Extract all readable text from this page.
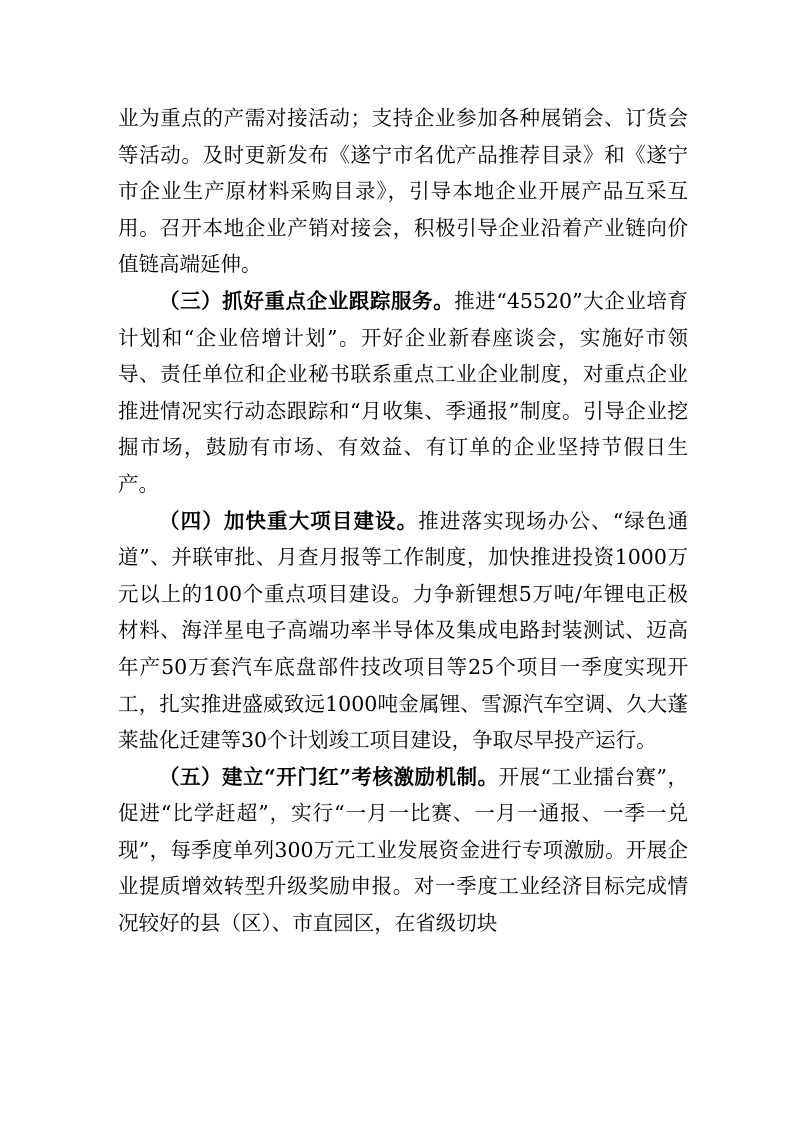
业为重点的产需对接活动；支持企业参加各种展销会、订货会等活动。及时更新发布《遂宁市名优产品推荐目录》和《遂宁市企业生产原材料采购目录》，引导本地企业开展产品互采互用。召开本地企业产销对接会，积极引导企业沿着产业链向价值链高端延伸。

（三）抓好重点企业跟踪服务。推进“45520”大企业培育计划和“企业倍增计划”。开好企业新春座谈会，实施好市领导、责任单位和企业秘书联系重点工业企业制度，对重点企业推进情况实行动态跟踪和“月收集、季通报”制度。引导企业挖掘市场，鼓励有市场、有效益、有订单的企业坚持节假日生产。

（四）加快重大项目建设。推进落实现场办公、“绿色通道”、并联审批、月查月报等工作制度，加快推进投资1000万元以上的100个重点项目建设。力争新锂想5万吨/年锂电正极材料、海洋星电子高端功率半导体及集成电路封装测试、迈高年产50万套汽车底盘部件技改项目等25个项目一季度实现开工，扎实推进盛威致远1000吨金属锂、雪源汽车空调、久大蓬莱盐化迁建等30个计划竣工项目建设，争取尽早投产运行。

（五）建立“开门红”考核激励机制。开展“工业擂台赛”，促进“比学赶超”，实行“一月一比赛、一月一通报、一季一兑现”，每季度单列300万元工业发展资金进行专项激励。开展企业提质增效转型升级奖励申报。对一季度工业经济目标完成情况较好的县（区）、市直园区，在省级切块
